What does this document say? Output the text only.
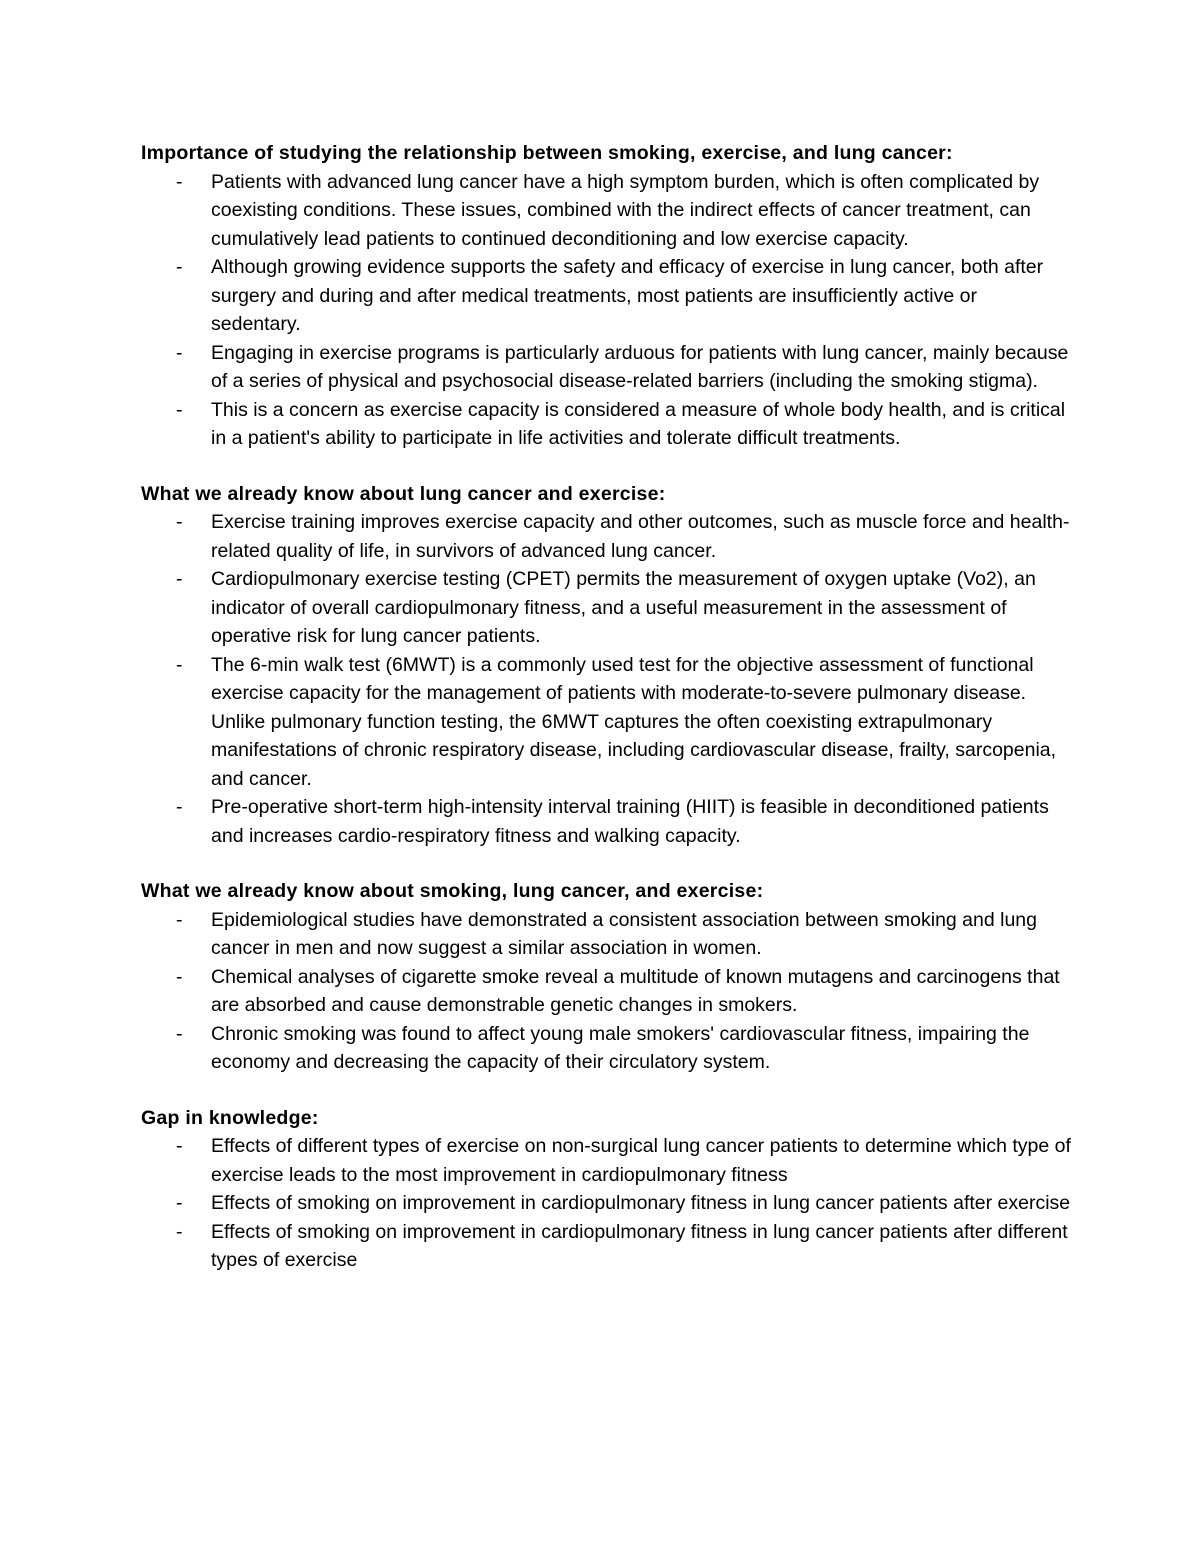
Importance of studying the relationship between smoking, exercise, and lung cancer:

- Patients with advanced lung cancer have a high symptom burden, which is often complicated by coexisting conditions. These issues, combined with the indirect effects of cancer treatment, can cumulatively lead patients to continued deconditioning and low exercise capacity.
- Although growing evidence supports the safety and efficacy of exercise in lung cancer, both after surgery and during and after medical treatments, most patients are insufficiently active or sedentary.
- Engaging in exercise programs is particularly arduous for patients with lung cancer, mainly because of a series of physical and psychosocial disease-related barriers (including the smoking stigma).
- This is a concern as exercise capacity is considered a measure of whole body health, and is critical in a patient's ability to participate in life activities and tolerate difficult treatments.

What we already know about lung cancer and exercise:

- Exercise training improves exercise capacity and other outcomes, such as muscle force and health-related quality of life, in survivors of advanced lung cancer.
- Cardiopulmonary exercise testing (CPET) permits the measurement of oxygen uptake (Vo2), an indicator of overall cardiopulmonary fitness, and a useful measurement in the assessment of operative risk for lung cancer patients.
- The 6-min walk test (6MWT) is a commonly used test for the objective assessment of functional exercise capacity for the management of patients with moderate-to-severe pulmonary disease. Unlike pulmonary function testing, the 6MWT captures the often coexisting extrapulmonary manifestations of chronic respiratory disease, including cardiovascular disease, frailty, sarcopenia, and cancer.
- Pre-operative short-term high-intensity interval training (HIIT) is feasible in deconditioned patients and increases cardio-respiratory fitness and walking capacity.

What we already know about smoking, lung cancer, and exercise:

- Epidemiological studies have demonstrated a consistent association between smoking and lung cancer in men and now suggest a similar association in women.
- Chemical analyses of cigarette smoke reveal a multitude of known mutagens and carcinogens that are absorbed and cause demonstrable genetic changes in smokers.
- Chronic smoking was found to affect young male smokers' cardiovascular fitness, impairing the economy and decreasing the capacity of their circulatory system.

Gap in knowledge:

- Effects of different types of exercise on non-surgical lung cancer patients to determine which type of exercise leads to the most improvement in cardiopulmonary fitness
- Effects of smoking on improvement in cardiopulmonary fitness in lung cancer patients after exercise
- Effects of smoking on improvement in cardiopulmonary fitness in lung cancer patients after different types of exercise
